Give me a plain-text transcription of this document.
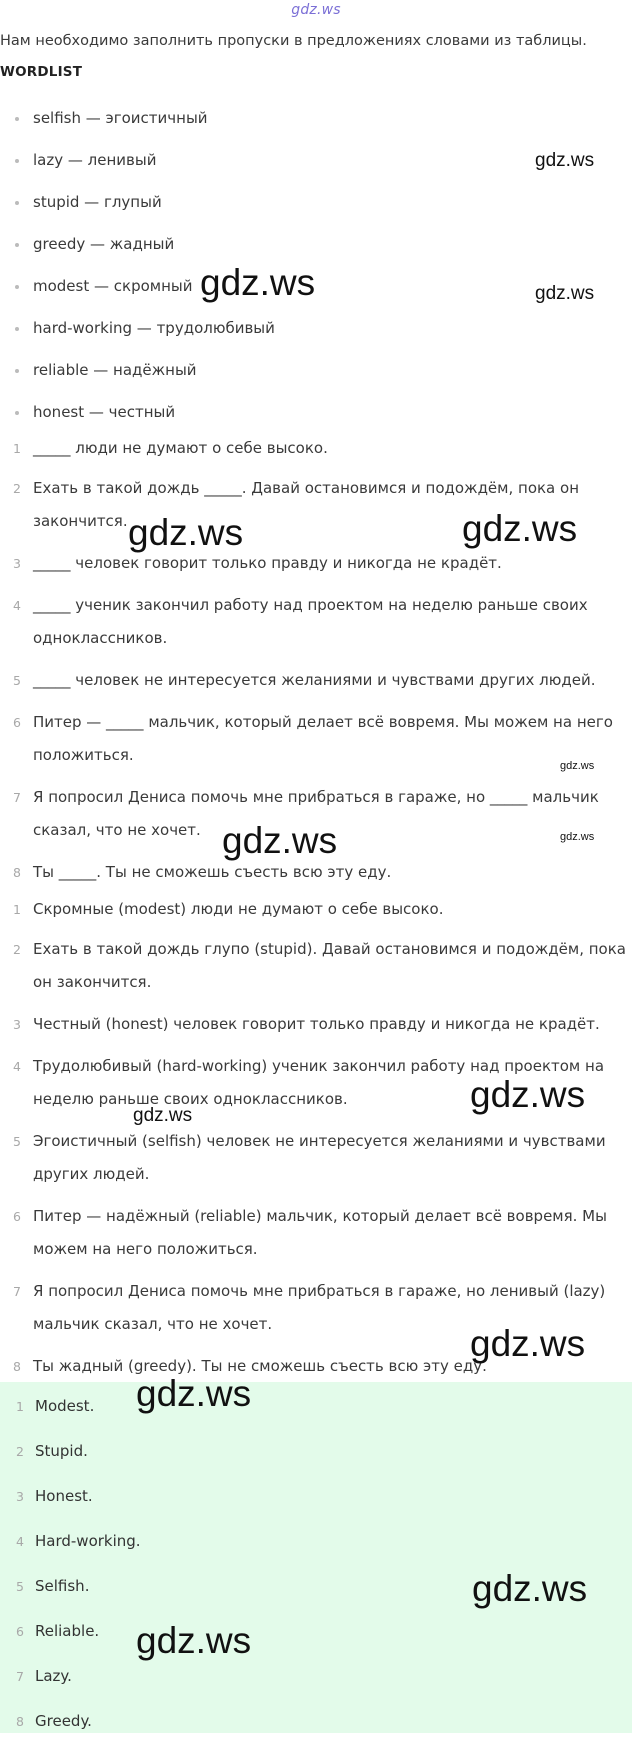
gdz.ws
Нам необходимо заполнить пропуски в предложениях словами из таблицы.
WORDLIST
selfish — эгоистичный
lazy — ленивый
stupid — глупый
greedy — жадный
modest — скромный
hard-working — трудолюбивый
reliable — надёжный
honest — честный
1 _____ люди не думают о себе высоко.
2 Ехать в такой дождь _____. Давай остановимся и подождём, пока он
закончится.
3 _____ человек говорит только правду и никогда не крадёт.
4 _____ ученик закончил работу над проектом на неделю раньше своих
одноклассников.
5 _____ человек не интересуется желаниями и чувствами других людей.
6 Питер — _____ мальчик, который делает всё вовремя. Мы можем на него
положиться.
7 Я попросил Дениса помочь мне прибраться в гараже, но _____ мальчик
сказал, что не хочет.
8 Ты _____. Ты не сможешь съесть всю эту еду.
1 Скромные (modest) люди не думают о себе высоко.
2 Ехать в такой дождь глупо (stupid). Давай остановимся и подождём, пока
он закончится.
3 Честный (honest) человек говорит только правду и никогда не крадёт.
4 Трудолюбивый (hard-working) ученик закончил работу над проектом на
неделю раньше своих одноклассников.
5 Эгоистичный (selfish) человек не интересуется желаниями и чувствами
других людей.
6 Питер — надёжный (reliable) мальчик, который делает всё вовремя. Мы
можем на него положиться.
7 Я попросил Дениса помочь мне прибраться в гараже, но ленивый (lazy)
мальчик сказал, что не хочет.
8 Ты жадный (greedy). Ты не сможешь съесть всю эту еду.
1 Modest.
2 Stupid.
3 Honest.
4 Hard-working.
5 Selfish.
6 Reliable.
7 Lazy.
8 Greedy.
gdz.ws
gdz.ws	gdz.ws
gdz.ws	gdz.ws
gdz.ws
gdz.ws	gdz.ws
gdz.ws
gdz.ws
gdz.ws
gdz.ws
gdz.ws
gdz.ws
